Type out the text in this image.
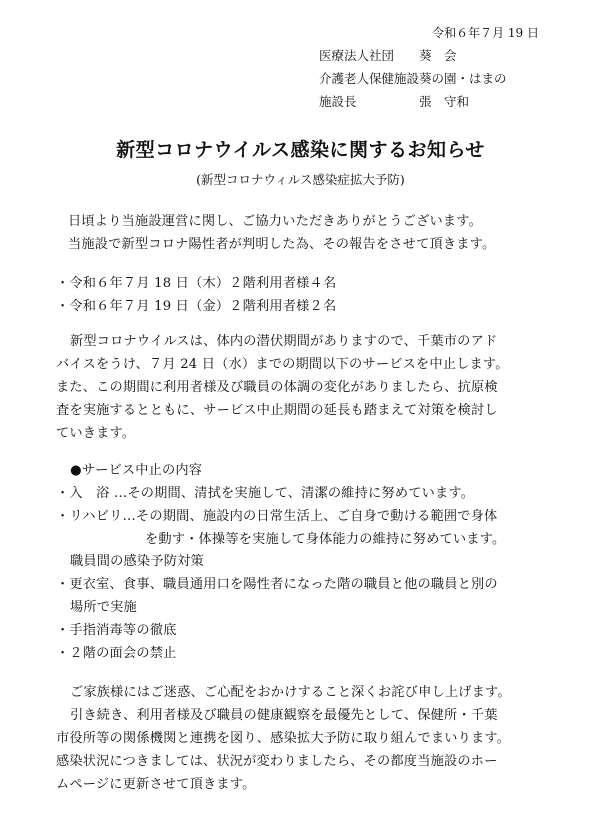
令和６年７月 19 日
医療法人社団 葵　会
介護老人保健施設葵の園・はまの
施設長	張　守和
新型コロナウイルス感染に関するお知らせ
(新型コロナウィルス感染症拡大予防)
日頃より当施設運営に関し、ご協力いただきありがとうございます。
当施設で新型コロナ陽性者が判明した為、その報告をさせて頂きます。
・令和６年７月 18 日（木）２階利用者様４名
・令和６年７月 19 日（金）２階利用者様２名
新型コロナウイルスは、体内の潜伏期間がありますので、千葉市のアド
バイスをうけ、７月 24 日（水）までの期間以下のサービスを中止します。
また、この期間に利用者様及び職員の体調の変化がありましたら、抗原検
査を実施するとともに、サービス中止期間の延長も踏まえて対策を検討し
ていきます。
●サービス中止の内容
・入　浴 …その期間、清拭を実施して、清潔の維持に努めています。
・リハビリ…その期間、施設内の日常生活上、ご自身で動ける範囲で身体
を動す・体操等を実施して身体能力の維持に努めています。
職員間の感染予防対策
・更衣室、食事、職員通用口を陽性者になった階の職員と他の職員と別の
場所で実施
・手指消毒等の徹底
・２階の面会の禁止
ご家族様にはご迷惑、ご心配をおかけすること深くお詫び申し上げます。
引き続き、利用者様及び職員の健康観察を最優先として、保健所・千葉
市役所等の関係機関と連携を図り、感染拡大予防に取り組んでまいります。
感染状況につきましては、状況が変わりましたら、その都度当施設のホー
ムページに更新させて頂きます。
